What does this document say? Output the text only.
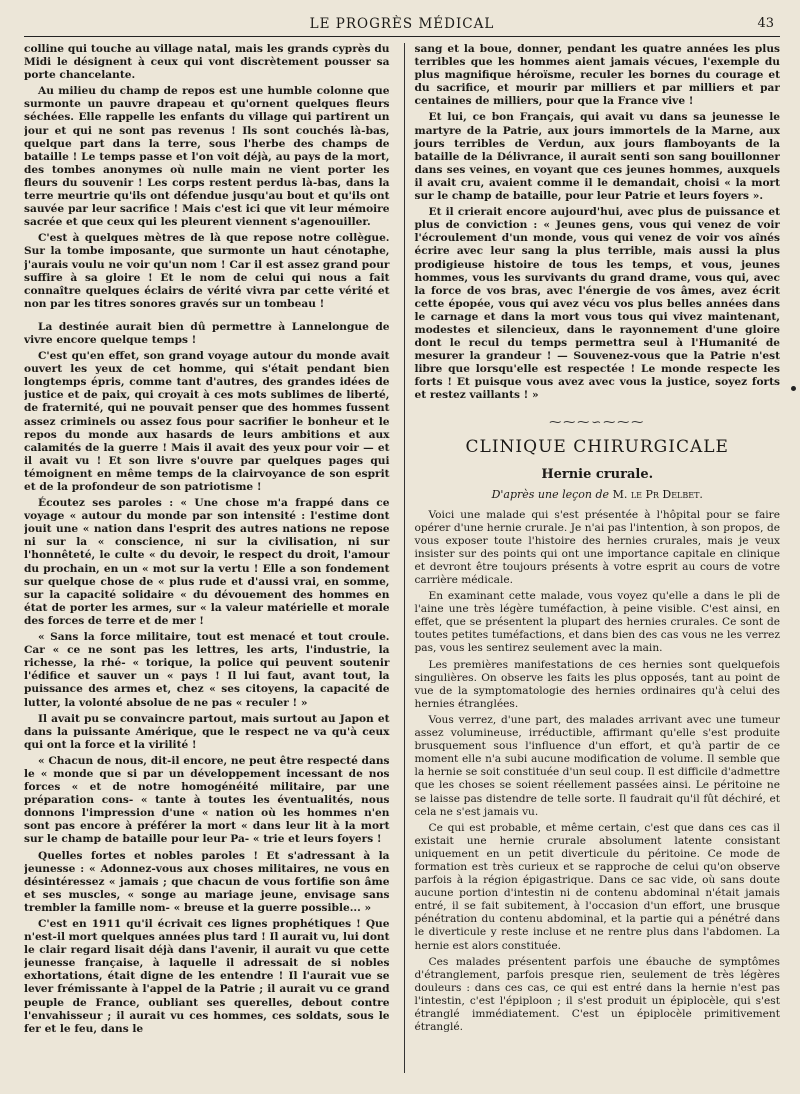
LE PROGRÈS MÉDICAL	43

colline qui touche au village natal, mais les grands cyprès du Midi le désignent à ceux qui vont discrètement pousser sa porte chancelante.

Au milieu du champ de repos est une humble colonne que surmonte un pauvre drapeau et qu'ornent quelques fleurs séchées. Elle rappelle les enfants du village qui partirent un jour et qui ne sont pas revenus ! Ils sont couchés là-bas, quelque part dans la terre, sous l'herbe des champs de bataille ! Le temps passe et l'on voit déjà, au pays de la mort, des tombes anonymes où nulle main ne vient porter les fleurs du souvenir ! Les corps restent perdus là-bas, dans la terre meurtrie qu'ils ont défendue jusqu'au bout et qu'ils ont sauvée par leur sacrifice ! Mais c'est ici que vit leur mémoire sacrée et que ceux qui les pleurent viennent s'agenouiller.

C'est à quelques mètres de là que repose notre collègue. Sur la tombe imposante, que surmonte un haut cénotaphe, j'aurais voulu ne voir qu'un nom ! Car il est assez grand pour suffire à sa gloire ! Et le nom de celui qui nous a fait connaître quelques éclairs de vérité vivra par cette vérité et non par les titres sonores gravés sur un tombeau !

La destinée aurait bien dû permettre à Lannelongue de vivre encore quelque temps !

C'est qu'en effet, son grand voyage autour du monde avait ouvert les yeux de cet homme, qui s'était pendant bien longtemps épris, comme tant d'autres, des grandes idées de justice et de paix, qui croyait à ces mots sublimes de liberté, de fraternité, qui ne pouvait penser que des hommes fussent assez criminels ou assez fous pour sacrifier le bonheur et le repos du monde aux hasards de leurs ambitions et aux calamités de la guerre ! Mais il avait des yeux pour voir — et il avait vu ! Et son livre s'ouvre par quelques pages qui témoignent en même temps de la clairvoyance de son esprit et de la profondeur de son patriotisme !

Écoutez ses paroles : « Une chose m'a frappé dans ce voyage « autour du monde par son intensité : l'estime dont jouit une « nation dans l'esprit des autres nations ne repose ni sur la « conscience, ni sur la civilisation, ni sur l'honnêteté, le culte « du devoir, le respect du droit, l'amour du prochain, en un « mot sur la vertu ! Elle a son fondement sur quelque chose de « plus rude et d'aussi vrai, en somme, sur la capacité solidaire « du dévouement des hommes en état de porter les armes, sur « la valeur matérielle et morale des forces de terre et de mer !

« Sans la force militaire, tout est menacé et tout croule. Car « ce ne sont pas les lettres, les arts, l'industrie, la richesse, la rhé- « torique, la police qui peuvent soutenir l'édifice et sauver un « pays ! Il lui faut, avant tout, la puissance des armes et, chez « ses citoyens, la capacité de lutter, la volonté absolue de ne pas « reculer ! »

Il avait pu se convaincre partout, mais surtout au Japon et dans la puissante Amérique, que le respect ne va qu'à ceux qui ont la force et la virilité !

« Chacun de nous, dit-il encore, ne peut être respecté dans le « monde que si par un développement incessant de nos forces « et de notre homogénéité militaire, par une préparation cons- « tante à toutes les éventualités, nous donnons l'impression d'une « nation où les hommes n'en sont pas encore à préférer la mort « dans leur lit à la mort sur le champ de bataille pour leur Pa- « trie et leurs foyers !

Quelles fortes et nobles paroles ! Et s'adressant à la jeunesse : « Adonnez-vous aux choses militaires, ne vous en désintéressez « jamais ; que chacun de vous fortifie son âme et ses muscles, « songe au mariage jeune, envisage sans trembler la famille nom- « breuse et la guerre possible... »

C'est en 1911 qu'il écrivait ces lignes prophétiques ! Que n'est-il mort quelques années plus tard ! Il aurait vu, lui dont le clair regard lisait déjà dans l'avenir, il aurait vu que cette jeunesse française, à laquelle il adressait de si nobles exhortations, était digne de les entendre ! Il l'aurait vue se lever frémissante à l'appel de la Patrie ; il aurait vu ce grand peuple de France, oubliant ses querelles, debout contre l'envahisseur ; il aurait vu ces hommes, ces soldats, sous le fer et le feu, dans le

sang et la boue, donner, pendant les quatre années les plus terribles que les hommes aient jamais vécues, l'exemple du plus magnifique héroïsme, reculer les bornes du courage et du sacrifice, et mourir par milliers et par milliers et par centaines de milliers, pour que la France vive !

Et lui, ce bon Français, qui avait vu dans sa jeunesse le martyre de la Patrie, aux jours immortels de la Marne, aux jours terribles de Verdun, aux jours flamboyants de la bataille de la Délivrance, il aurait senti son sang bouillonner dans ses veines, en voyant que ces jeunes hommes, auxquels il avait cru, avaient comme il le demandait, choisi « la mort sur le champ de bataille, pour leur Patrie et leurs foyers ».

Et il crierait encore aujourd'hui, avec plus de puissance et plus de conviction : « Jeunes gens, vous qui venez de voir l'écroulement d'un monde, vous qui venez de voir vos aînés écrire avec leur sang la plus terrible, mais aussi la plus prodigieuse histoire de tous les temps, et vous, jeunes hommes, vous les survivants du grand drame, vous qui, avec la force de vos bras, avec l'énergie de vos âmes, avez écrit cette épopée, vous qui avez vécu vos plus belles années dans le carnage et dans la mort vous tous qui vivez maintenant, modestes et silencieux, dans le rayonnement d'une gloire dont le recul du temps permettra seul à l'Humanité de mesurer la grandeur ! — Souvenez-vous que la Patrie n'est libre que lorsqu'elle est respectée ! Le monde respecte les forts ! Et puisque vous avez avec vous la justice, soyez forts et restez vaillants ! »

⁓⁓⁓∽⁓⁓⁓
CLINIQUE CHIRURGICALE
Hernie crurale.
D'après une leçon de M. le Pr Delbet.

Voici une malade qui s'est présentée à l'hôpital pour se faire opérer d'une hernie crurale. Je n'ai pas l'intention, à son propos, de vous exposer toute l'histoire des hernies crurales, mais je veux insister sur des points qui ont une importance capitale en clinique et devront être toujours présents à votre esprit au cours de votre carrière médicale.

En examinant cette malade, vous voyez qu'elle a dans le pli de l'aine une très légère tuméfaction, à peine visible. C'est ainsi, en effet, que se présentent la plupart des hernies crurales. Ce sont de toutes petites tuméfactions, et dans bien des cas vous ne les verrez pas, vous les sentirez seulement avec la main.

Les premières manifestations de ces hernies sont quelquefois singulières. On observe les faits les plus opposés, tant au point de vue de la symptomatologie des hernies ordinaires qu'à celui des hernies étranglées.

Vous verrez, d'une part, des malades arrivant avec une tumeur assez volumineuse, irréductible, affirmant qu'elle s'est produite brusquement sous l'influence d'un effort, et qu'à partir de ce moment elle n'a subi aucune modification de volume. Il semble que la hernie se soit constituée d'un seul coup. Il est difficile d'admettre que les choses se soient réellement passées ainsi. Le péritoine ne se laisse pas distendre de telle sorte. Il faudrait qu'il fût déchiré, et cela ne s'est jamais vu.

Ce qui est probable, et même certain, c'est que dans ces cas il existait une hernie crurale absolument latente consistant uniquement en un petit diverticule du péritoine. Ce mode de formation est très curieux et se rapproche de celui qu'on observe parfois à la région épigastrique. Dans ce sac vide, où sans doute aucune portion d'intestin ni de contenu abdominal n'était jamais entré, il se fait subitement, à l'occasion d'un effort, une brusque pénétration du contenu abdominal, et la partie qui a pénétré dans le diverticule y reste incluse et ne rentre plus dans l'abdomen. La hernie est alors constituée.

Ces malades présentent parfois une ébauche de symptômes d'étranglement, parfois presque rien, seulement de très légères douleurs : dans ces cas, ce qui est entré dans la hernie n'est pas l'intestin, c'est l'épiploon ; il s'est produit un épiplocèle, qui s'est étranglé immédiatement. C'est un épiplocèle primitivement étranglé.
